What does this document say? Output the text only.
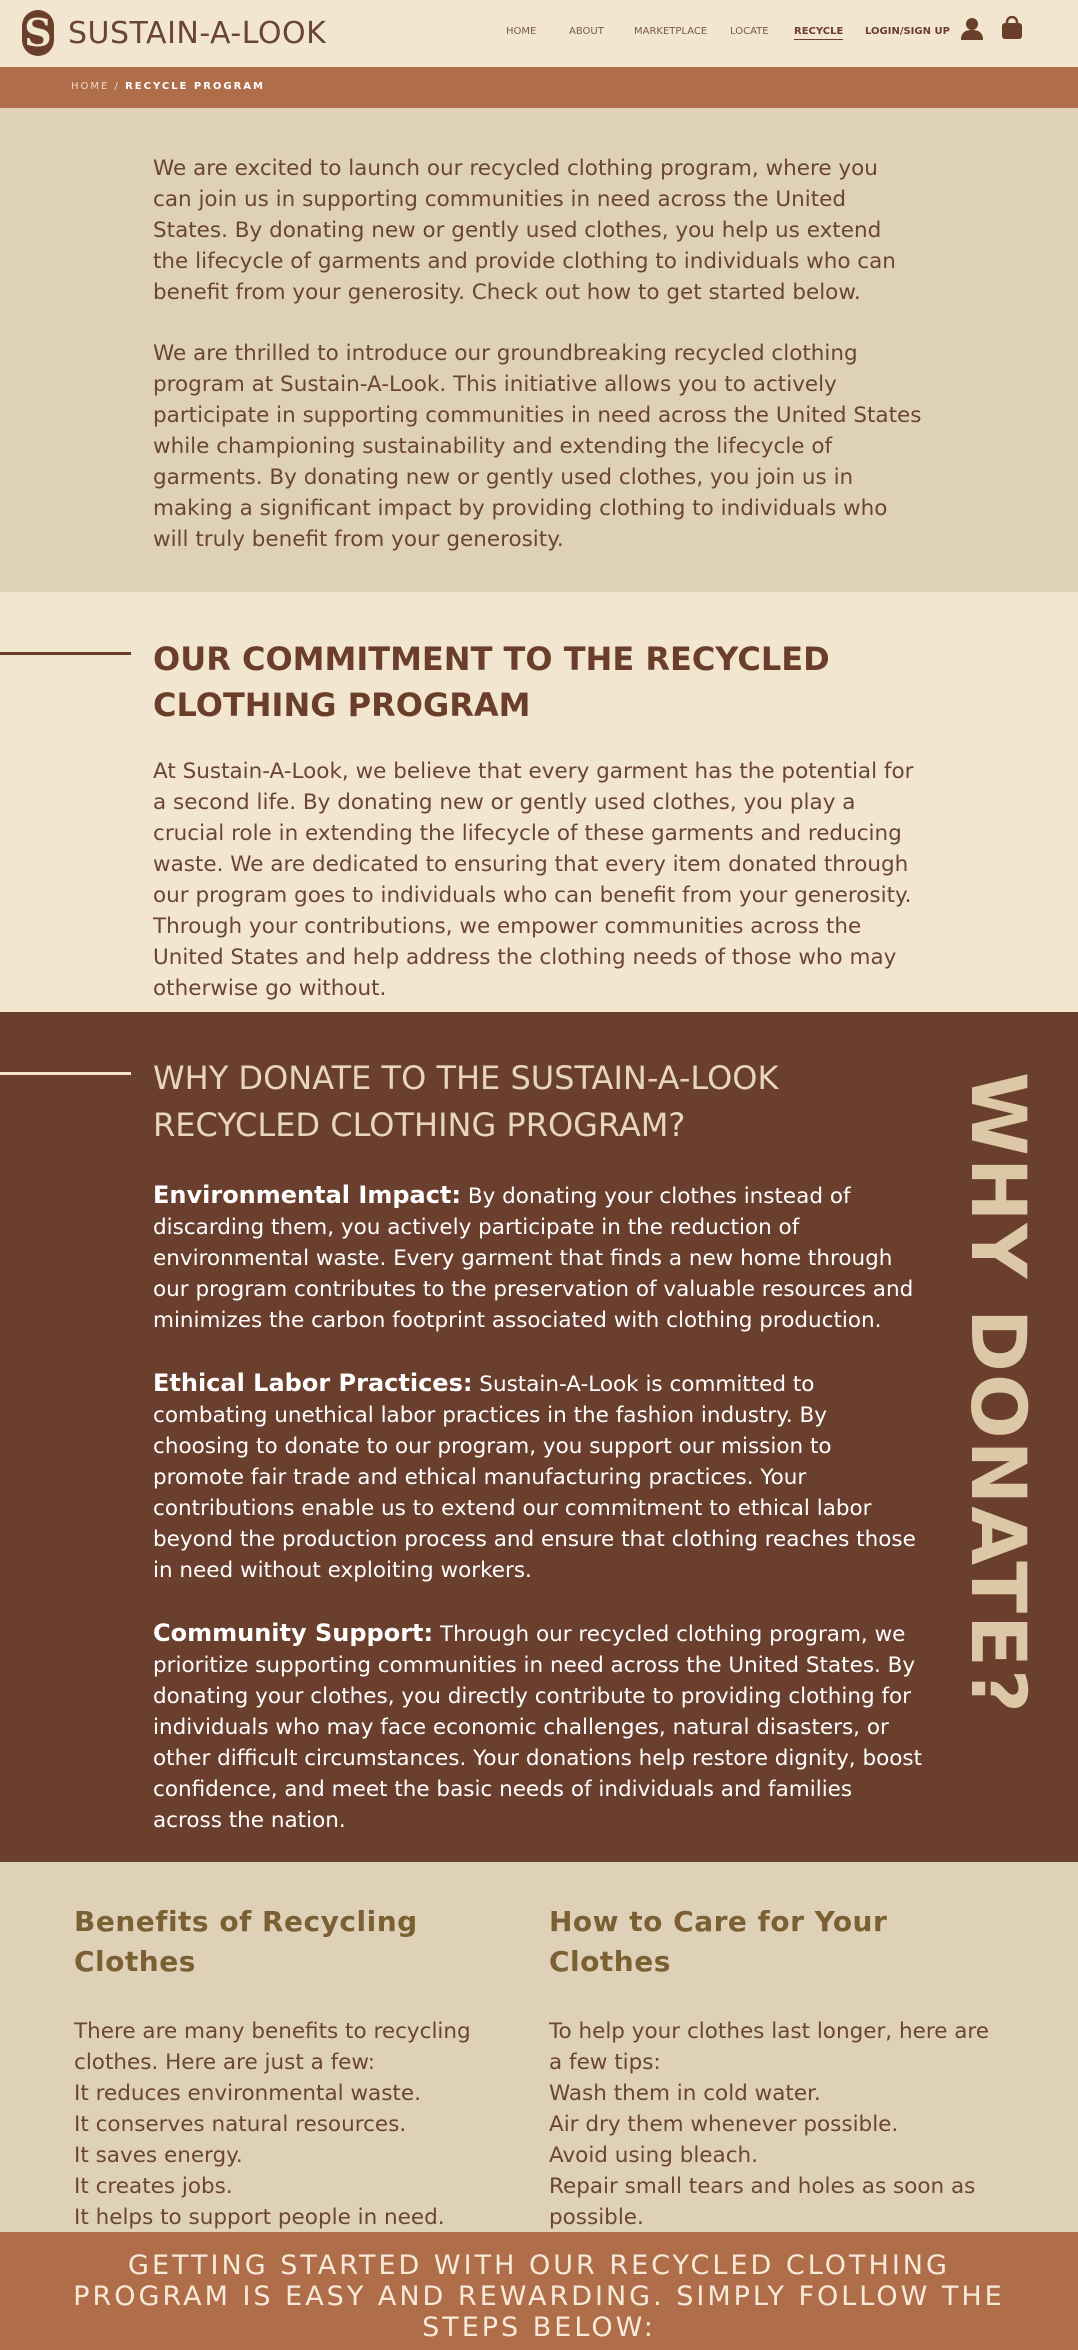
S SUSTAIN-A-LOOK	HOME	ABOUT	MARKETPLACE LOCATE	RECYCLE LOGIN/SIGN UP
HOME / RECYCLE PROGRAM

We are excited to launch our recycled clothing program, where you can join us in supporting communities in need across the United States. By donating new or gently used clothes, you help us extend the lifecycle of garments and provide clothing to individuals who can benefit from your generosity. Check out how to get started below.

We are thrilled to introduce our groundbreaking recycled clothing program at Sustain-A-Look. This initiative allows you to actively participate in supporting communities in need across the United States while championing sustainability and extending the lifecycle of garments. By donating new or gently used clothes, you join us in making a significant impact by providing clothing to individuals who will truly benefit from your generosity.

OUR COMMITMENT TO THE RECYCLED CLOTHING PROGRAM

At Sustain-A-Look, we believe that every garment has the potential for a second life. By donating new or gently used clothes, you play a crucial role in extending the lifecycle of these garments and reducing waste. We are dedicated to ensuring that every item donated through our program goes to individuals who can benefit from your generosity. Through your contributions, we empower communities across the United States and help address the clothing needs of those who may otherwise go without.

WHY DONATE TO THE SUSTAIN-A-LOOK RECYCLED CLOTHING PROGRAM?

Environmental Impact: By donating your clothes instead of discarding them, you actively participate in the reduction of environmental waste. Every garment that finds a new home through our program contributes to the preservation of valuable resources and minimizes the carbon footprint associated with clothing production.

Ethical Labor Practices: Sustain-A-Look is committed to combating unethical labor practices in the fashion industry. By choosing to donate to our program, you support our mission to promote fair trade and ethical manufacturing practices. Your contributions enable us to extend our commitment to ethical labor beyond the production process and ensure that clothing reaches those in need without exploiting workers.

Community Support: Through our recycled clothing program, we prioritize supporting communities in need across the United States. By donating your clothes, you directly contribute to providing clothing for individuals who may face economic challenges, natural disasters, or other difficult circumstances. Your donations help restore dignity, boost confidence, and meet the basic needs of individuals and families across the nation.

WHY DONATE?
Benefits of Recycling Clothes

There are many benefits to recycling clothes. Here are just a few:

It reduces environmental waste.
It conserves natural resources.
It saves energy.
It creates jobs.
It helps to support people in need.
How to Care for Your Clothes

To help your clothes last longer, here are a few tips:

Wash them in cold water.
Air dry them whenever possible.
Avoid using bleach.
Repair small tears and holes as soon as possible.
GETTING STARTED WITH OUR RECYCLED CLOTHING PROGRAM IS EASY AND REWARDING. SIMPLY FOLLOW THE STEPS BELOW:
